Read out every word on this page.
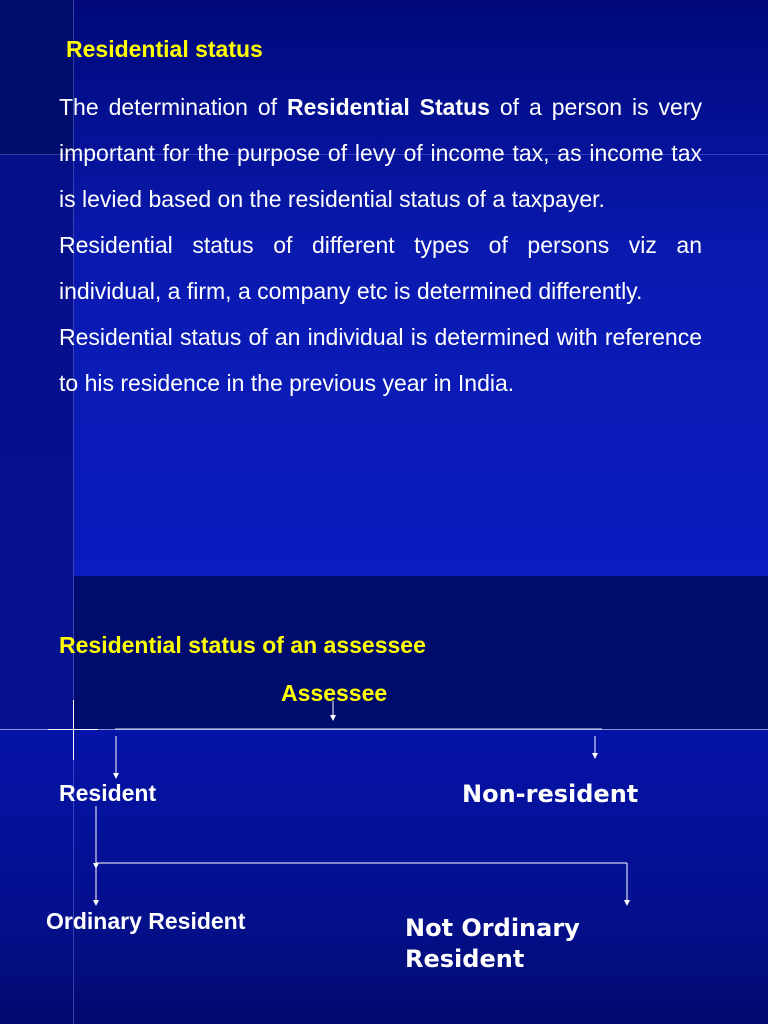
Residential status

The determination of Residential Status of a person is very important for the purpose of levy of income tax, as income tax is levied based on the residential status of a taxpayer.

Residential status of different types of persons viz an individual, a firm, a company etc is determined differently.

Residential status of an individual is determined with reference to his residence in the previous year in India.

Residential status of an assessee
Assessee
Resident	Non-resident
Ordinary Resident	Not Ordinary Resident
